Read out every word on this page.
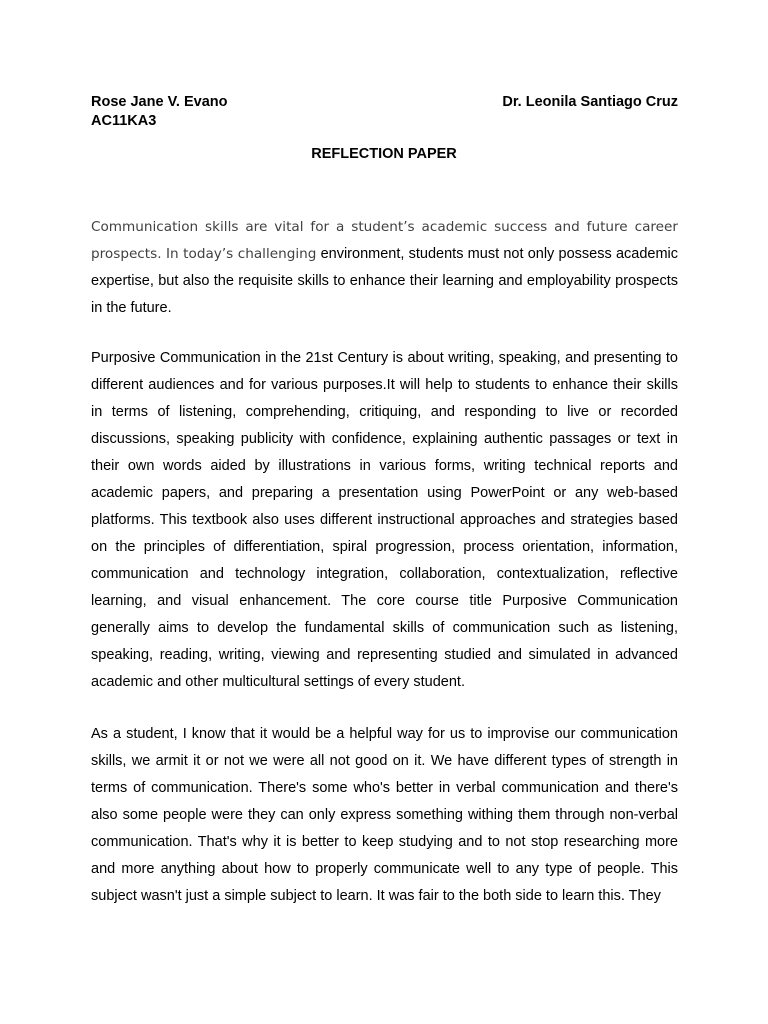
Rose Jane V. Evano	Dr. Leonila Santiago Cruz
AC11KA3
REFLECTION PAPER

Communication skills are vital for a student’s academic success and future career prospects. In today’s challenging environment, students must not only possess academic expertise, but also the requisite skills to enhance their learning and employability prospects in the future.

Purposive Communication in the 21st Century is about writing, speaking, and presenting to different audiences and for various purposes.It will help to students to enhance their skills in terms of listening, comprehending, critiquing, and responding to live or recorded discussions, speaking publicity with confidence, explaining authentic passages or text in their own words aided by illustrations in various forms, writing technical reports and academic papers, and preparing a presentation using PowerPoint or any web-based platforms. This textbook also uses different instructional approaches and strategies based on the principles of differentiation, spiral progression, process orientation, information, communication and technology integration, collaboration, contextualization, reflective learning, and visual enhancement. The core course title Purposive Communication generally aims to develop the fundamental skills of communication such as listening, speaking, reading, writing, viewing and representing studied and simulated in advanced academic and other multicultural settings of every student.

As a student, I know that it would be a helpful way for us to improvise our communication skills, we armit it or not we were all not good on it. We have different types of strength in terms of communication. There's some who's better in verbal communication and there's also some people were they can only express something withing them through non-verbal communication. That's why it is better to keep studying and to not stop researching more and more anything about how to properly communicate well to any type of people. This subject wasn't just a simple subject to learn. It was fair to the both side to learn this. They
